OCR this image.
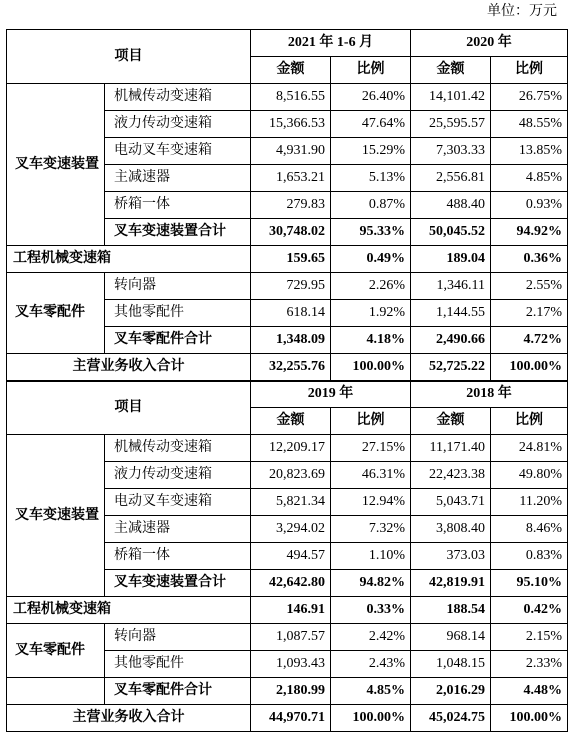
单位：万元
项目		2021 年 1-6 月		2020 年	
		金额	比例	金额	比例
叉车变速装置	机械传动变速箱	8,516.55	26.40%	14,101.42	26.75%
	液力传动变速箱	15,366.53	47.64%	25,595.57	48.55%
	电动叉车变速箱	4,931.90	15.29%	7,303.33	13.85%
	主减速器	1,653.21	5.13%	2,556.81	4.85%
	桥箱一体	279.83	0.87%	488.40	0.93%
	叉车变速装置合计	30,748.02	95.33%	50,045.52	94.92%
工程机械变速箱		159.65	0.49%	189.04	0.36%
叉车零配件	转向器	729.95	2.26%	1,346.11	2.55%
	其他零配件	618.14	1.92%	1,144.55	2.17%
	叉车零配件合计	1,348.09	4.18%	2,490.66	4.72%
主营业务收入合计		32,255.76	100.00%	52,725.22	100.00%
项目		2019 年		2018 年	
		金额	比例	金额	比例
叉车变速装置	机械传动变速箱	12,209.17	27.15%	11,171.40	24.81%
	液力传动变速箱	20,823.69	46.31%	22,423.38	49.80%
	电动叉车变速箱	5,821.34	12.94%	5,043.71	11.20%
	主减速器	3,294.02	7.32%	3,808.40	8.46%
	桥箱一体	494.57	1.10%	373.03	0.83%
	叉车变速装置合计	42,642.80	94.82%	42,819.91	95.10%
工程机械变速箱		146.91	0.33%	188.54	0.42%
叉车零配件	转向器	1,087.57	2.42%	968.14	2.15%
	其他零配件	1,093.43	2.43%	1,048.15	2.33%
	叉车零配件合计	2,180.99	4.85%	2,016.29	4.48%
主营业务收入合计		44,970.71	100.00%	45,024.75	100.00%
